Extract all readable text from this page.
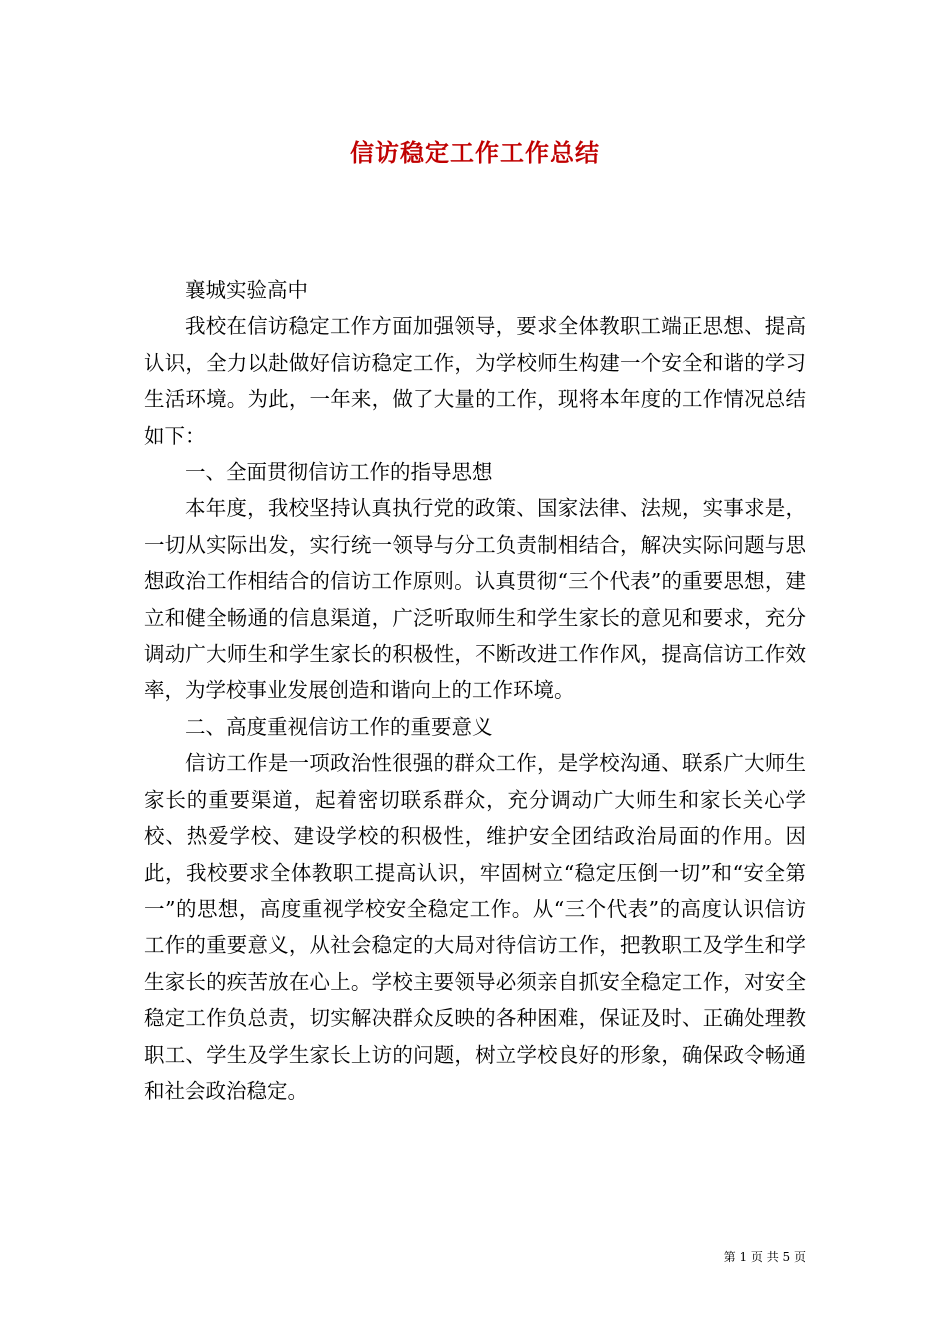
信访稳定工作工作总结

襄城实验高中

我校在信访稳定工作方面加强领导，要求全体教职工端正思想、提高认识，全力以赴做好信访稳定工作，为学校师生构建一个安全和谐的学习生活环境。为此，一年来，做了大量的工作，现将本年度的工作情况总结如下：

一、全面贯彻信访工作的指导思想

本年度，我校坚持认真执行党的政策、国家法律、法规，实事求是，一切从实际出发，实行统一领导与分工负责制相结合，解决实际问题与思想政治工作相结合的信访工作原则。认真贯彻“三个代表”的重要思想，建立和健全畅通的信息渠道，广泛听取师生和学生家长的意见和要求，充分调动广大师生和学生家长的积极性，不断改进工作作风，提高信访工作效率，为学校事业发展创造和谐向上的工作环境。

二、高度重视信访工作的重要意义

信访工作是一项政治性很强的群众工作，是学校沟通、联系广大师生家长的重要渠道，起着密切联系群众，充分调动广大师生和家长关心学校、热爱学校、建设学校的积极性，维护安全团结政治局面的作用。因此，我校要求全体教职工提高认识，牢固树立“稳定压倒一切”和“安全第一”的思想，高度重视学校安全稳定工作。从“三个代表”的高度认识信访工作的重要意义，从社会稳定的大局对待信访工作，把教职工及学生和学生家长的疾苦放在心上。学校主要领导必须亲自抓安全稳定工作，对安全稳定工作负总责，切实解决群众反映的各种困难，保证及时、正确处理教职工、学生及学生家长上访的问题，树立学校良好的形象，确保政令畅通和社会政治稳定。

第 1 页 共 5 页
